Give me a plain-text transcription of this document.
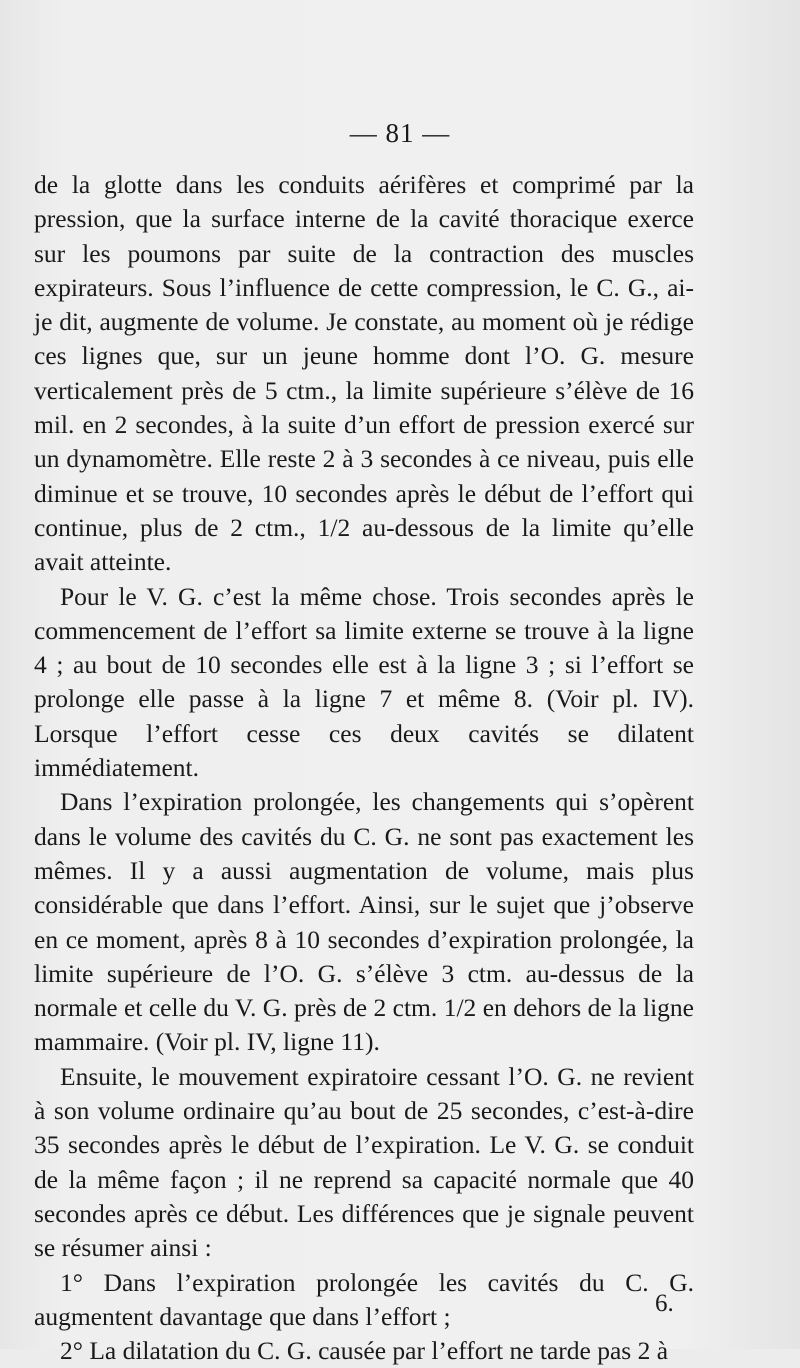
— 81 —

de la glotte dans les conduits aérifères et comprimé par la pression, que la surface interne de la cavité thoracique exerce sur les poumons par suite de la contraction des muscles expirateurs. Sous l’influence de cette compression, le C. G., ai-je dit, augmente de volume. Je constate, au moment où je rédige ces lignes que, sur un jeune homme dont l’O. G. mesure verticalement près de 5 ctm., la limite supérieure s’élève de 16 mil. en 2 secondes, à la suite d’un effort de pression exercé sur un dynamomètre. Elle reste 2 à 3 secondes à ce niveau, puis elle diminue et se trouve, 10 secondes après le début de l’effort qui continue, plus de 2 ctm., 1/2 au-dessous de la limite qu’elle avait atteinte.

Pour le V. G. c’est la même chose. Trois secondes après le commencement de l’effort sa limite externe se trouve à la ligne 4 ; au bout de 10 secondes elle est à la ligne 3 ; si l’effort se prolonge elle passe à la ligne 7 et même 8. (Voir pl. IV). Lorsque l’effort cesse ces deux cavités se dilatent immédiatement.

Dans l’expiration prolongée, les changements qui s’opèrent dans le volume des cavités du C. G. ne sont pas exactement les mêmes. Il y a aussi augmentation de volume, mais plus considérable que dans l’effort. Ainsi, sur le sujet que j’observe en ce moment, après 8 à 10 secondes d’expiration prolongée, la limite supérieure de l’O. G. s’élève 3 ctm. au-dessus de la normale et celle du V. G. près de 2 ctm. 1/2 en dehors de la ligne mammaire. (Voir pl. IV, ligne 11).

Ensuite, le mouvement expiratoire cessant l’O. G. ne revient à son volume ordinaire qu’au bout de 25 secondes, c’est-à-dire 35 secondes après le début de l’expiration. Le V. G. se conduit de la même façon ; il ne reprend sa capacité normale que 40 secondes après ce début. Les différences que je signale peuvent se résumer ainsi :

1° Dans l’expiration prolongée les cavités du C. G. augmentent davantage que dans l’effort ;

2° La dilatation du C. G. causée par l’effort ne tarde pas 2 à

6.
